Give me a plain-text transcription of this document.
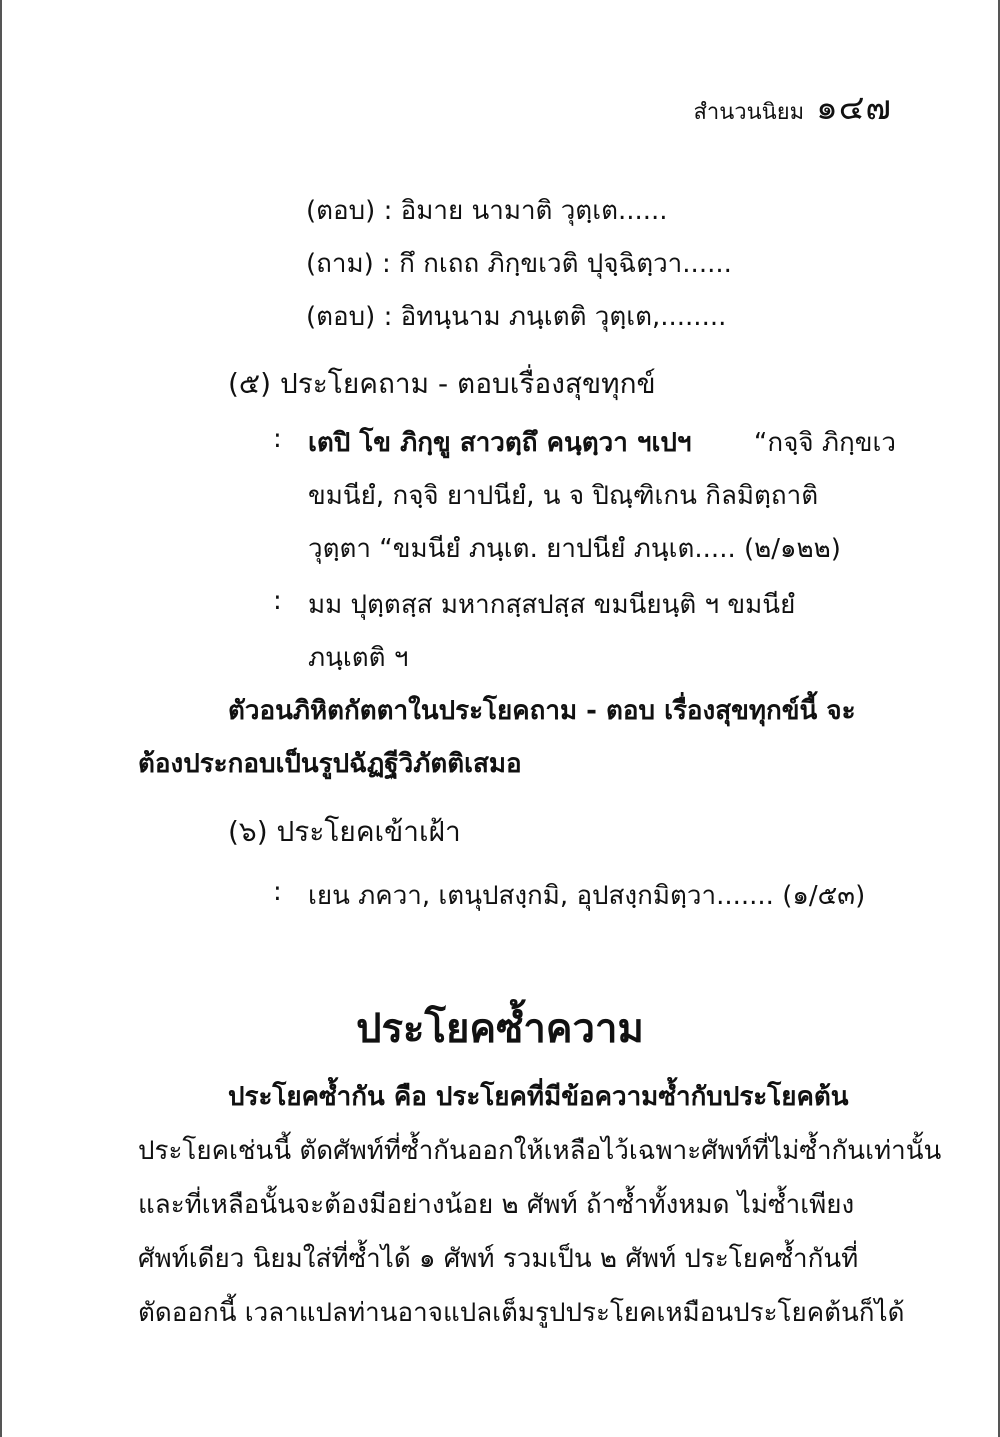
สำนวนนิยม ๑๔๗
(ตอบ) : อิมาย นามาติ วุตฺเต......
(ถาม) : กึ กเถถ ภิกฺขเวติ ปุจฺฉิตฺวา......
(ตอบ) : อิทนฺนาม ภนฺเตติ วุตฺเต,........
(๕) ประโยคถาม - ตอบเรื่องสุขทุกข์
: เตปิ โข ภิกฺขู สาวตฺถึ คนฺตฺวา ฯเปฯ “กจฺจิ ภิกฺขเว
ขมนียํ, กจฺจิ ยาปนียํ, น จ ปิณฺฑิเกน กิลมิตฺถาติ
วุตฺตา “ขมนียํ ภนฺเต. ยาปนียํ ภนฺเต..... (๒/๑๒๒)
: มม ปุตฺตสฺส มหากสฺสปสฺส ขมนียนฺติ ฯ ขมนียํ
ภนฺเตติ ฯ
ตัวอนภิหิตกัตตาในประโยคถาม - ตอบ เรื่องสุขทุกข์นี้ จะ
ต้องประกอบเป็นรูปฉัฏฐีวิภัตติเสมอ
(๖) ประโยคเข้าเฝ้า
: เยน ภควา, เตนุปสงฺกมิ, อุปสงฺกมิตฺวา....... (๑/๕๓)
ประโยคซ้ำความ
ประโยคซ้ำกัน คือ ประโยคที่มีข้อความซ้ำกับประโยคต้น
ประโยคเช่นนี้ ตัดศัพท์ที่ซ้ำกันออกให้เหลือไว้เฉพาะศัพท์ที่ไม่ซ้ำกันเท่านั้น
และที่เหลือนั้นจะต้องมีอย่างน้อย ๒ ศัพท์ ถ้าซ้ำทั้งหมด ไม่ซ้ำเพียง
ศัพท์เดียว นิยมใส่ที่ซ้ำได้ ๑ ศัพท์ รวมเป็น ๒ ศัพท์ ประโยคซ้ำกันที่
ตัดออกนี้ เวลาแปลท่านอาจแปลเต็มรูปประโยคเหมือนประโยคต้นก็ได้
